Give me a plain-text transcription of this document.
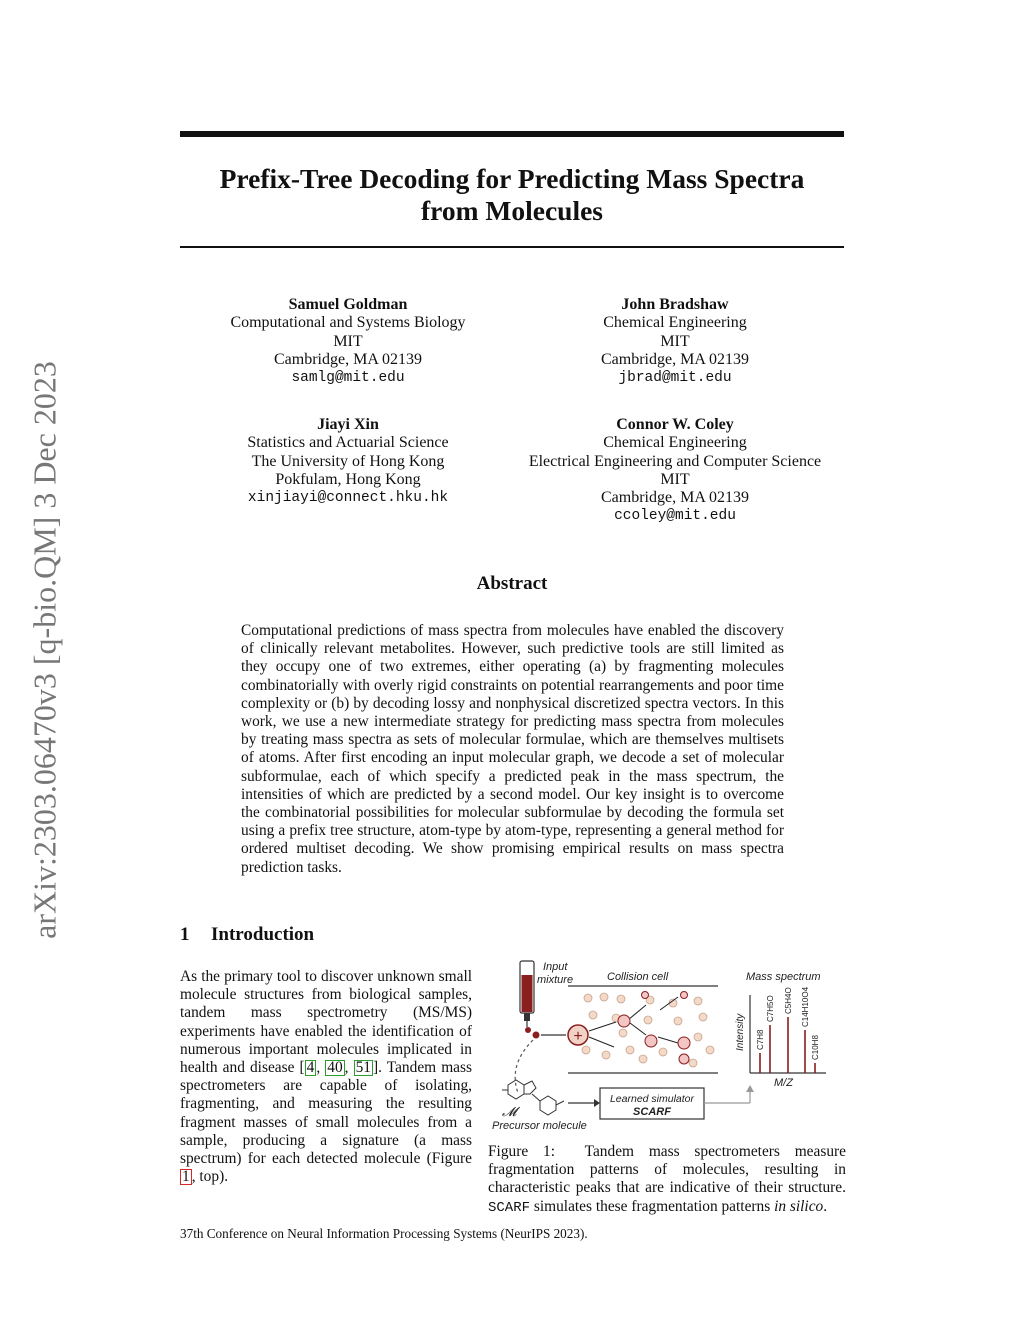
arXiv:2303.06470v3 [q-bio.QM] 3 Dec 2023
Prefix-Tree Decoding for Predicting Mass Spectra
from Molecules
Samuel Goldman
Computational and Systems Biology
MIT
Cambridge, MA 02139
samlg@mit.edu
John Bradshaw
Chemical Engineering
MIT
Cambridge, MA 02139
jbrad@mit.edu
Jiayi Xin
Statistics and Actuarial Science
The University of Hong Kong
Pokfulam, Hong Kong
xinjiayi@connect.hku.hk
Connor W. Coley
Chemical Engineering
Electrical Engineering and Computer Science
MIT
Cambridge, MA 02139
ccoley@mit.edu
Abstract
Computational predictions of mass spectra from molecules have enabled the discovery of clinically relevant metabolites. However, such predictive tools are still limited as they occupy one of two extremes, either operating (a) by fragmenting molecules combinatorially with overly rigid constraints on potential rearrangements and poor time complexity or (b) by decoding lossy and nonphysical discretized spectra vectors. In this work, we use a new intermediate strategy for predicting mass spectra from molecules by treating mass spectra as sets of molecular formulae, which are themselves multisets of atoms. After first encoding an input molecular graph, we decode a set of molecular subformulae, each of which specify a predicted peak in the mass spectrum, the intensities of which are predicted by a second model. Our key insight is to overcome the combinatorial possibilities for molecular subformulae by decoding the formula set using a prefix tree structure, atom-type by atom-type, representing a general method for ordered multiset decoding. We show promising empirical results on mass spectra prediction tasks.
1 Introduction
As the primary tool to discover unknown small molecule structures from biological samples, tandem mass spectrometry (MS/MS) experiments have enabled the identification of numerous important molecules implicated in health and disease [ 4 , 40 , 51 ]. Tandem mass spectrometers are capable of isolating, fragmenting, and measuring the resulting fragment masses of small molecules from a sample, producing a signature (a mass spectrum) for each detected molecule (Figure 1 , top).
Input
mixture	Collision cell
+
Mass spectrum
Intensity
M/Z
C7H8
C7H5O C5H4O C14H10O4
C10H8
𝓜
Precursor molecule
Learned simulator
SCARF
Figure 1: Tandem mass spectrometers measure fragmentation patterns of molecules, resulting in characteristic peaks that are indicative of their structure. SCARF simulates these fragmentation patterns in silico.
37th Conference on Neural Information Processing Systems (NeurIPS 2023).
